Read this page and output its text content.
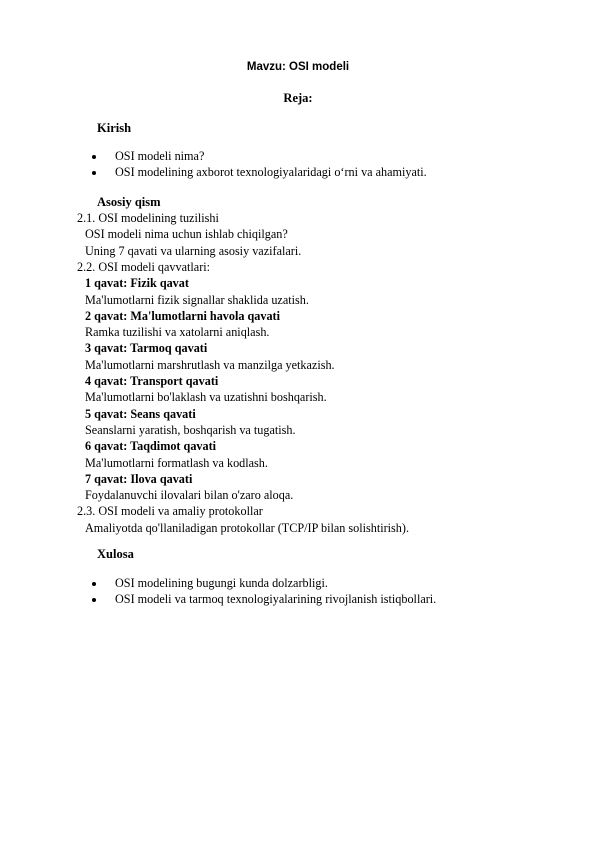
Mavzu: OSI modeli
Reja:
Kirish
OSI modeli nima?
OSI modelining axborot texnologiyalaridagi o‘rni va ahamiyati.
Asosiy qism
2.1. OSI modelining tuzilishi
OSI modeli nima uchun ishlab chiqilgan?
Uning 7 qavati va ularning asosiy vazifalari.
2.2. OSI modeli qavvatlari:
1 qavat: Fizik qavat
Ma'lumotlarni fizik signallar shaklida uzatish.
2 qavat: Ma'lumotlarni havola qavati
Ramka tuzilishi va xatolarni aniqlash.
3 qavat: Tarmoq qavati
Ma'lumotlarni marshrutlash va manzilga yetkazish.
4 qavat: Transport qavati
Ma'lumotlarni bo'laklash va uzatishni boshqarish.
5 qavat: Seans qavati
Seanslarni yaratish, boshqarish va tugatish.
6 qavat: Taqdimot qavati
Ma'lumotlarni formatlash va kodlash.
7 qavat: Ilova qavati
Foydalanuvchi ilovalari bilan o'zaro aloqa.
2.3. OSI modeli va amaliy protokollar
Amaliyotda qo'llaniladigan protokollar (TCP/IP bilan solishtirish).
Xulosa
OSI modelining bugungi kunda dolzarbligi.
OSI modeli va tarmoq texnologiyalarining rivojlanish istiqbollari.
